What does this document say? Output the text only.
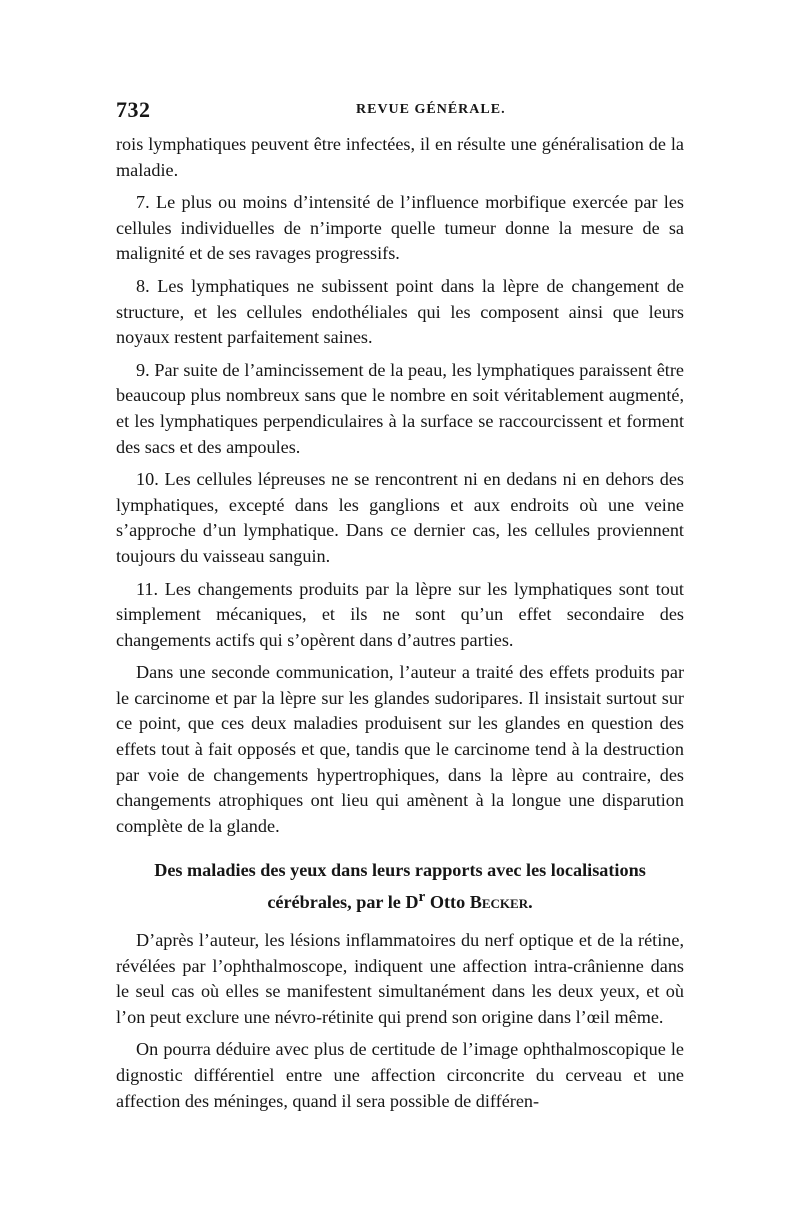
732	REVUE GÉNÉRALE.

rois lymphatiques peuvent être infectées, il en résulte une généralisation de la maladie.

7. Le plus ou moins d’intensité de l’influence morbifique exercée par les cellules individuelles de n’importe quelle tumeur donne la mesure de sa malignité et de ses ravages progressifs.

8. Les lymphatiques ne subissent point dans la lèpre de changement de structure, et les cellules endothéliales qui les composent ainsi que leurs noyaux restent parfaitement saines.

9. Par suite de l’amincissement de la peau, les lymphatiques paraissent être beaucoup plus nombreux sans que le nombre en soit véritablement augmenté, et les lymphatiques perpendiculaires à la surface se raccourcissent et forment des sacs et des ampoules.

10. Les cellules lépreuses ne se rencontrent ni en dedans ni en dehors des lymphatiques, excepté dans les ganglions et aux endroits où une veine s’approche d’un lymphatique. Dans ce dernier cas, les cellules proviennent toujours du vaisseau sanguin.

11. Les changements produits par la lèpre sur les lymphatiques sont tout simplement mécaniques, et ils ne sont qu’un effet secondaire des changements actifs qui s’opèrent dans d’autres parties.

Dans une seconde communication, l’auteur a traité des effets produits par le carcinome et par la lèpre sur les glandes sudoripares. Il insistait surtout sur ce point, que ces deux maladies produisent sur les glandes en question des effets tout à fait opposés et que, tandis que le carcinome tend à la destruction par voie de changements hypertrophiques, dans la lèpre au contraire, des changements atrophiques ont lieu qui amènent à la longue une disparution complète de la glande.

Des maladies des yeux dans leurs rapports avec les localisations cérébrales, par le $D^r$ Otto Becker.

D’après l’auteur, les lésions inflammatoires du nerf optique et de la rétine, révélées par l’ophthalmoscope, indiquent une affection intra-crânienne dans le seul cas où elles se manifestent simultanément dans les deux yeux, et où l’on peut exclure une névro-rétinite qui prend son origine dans l’œil même.

On pourra déduire avec plus de certitude de l’image ophthalmoscopique le dignostic différentiel entre une affection circoncrite du cerveau et une affection des méninges, quand il sera possible de différen-
